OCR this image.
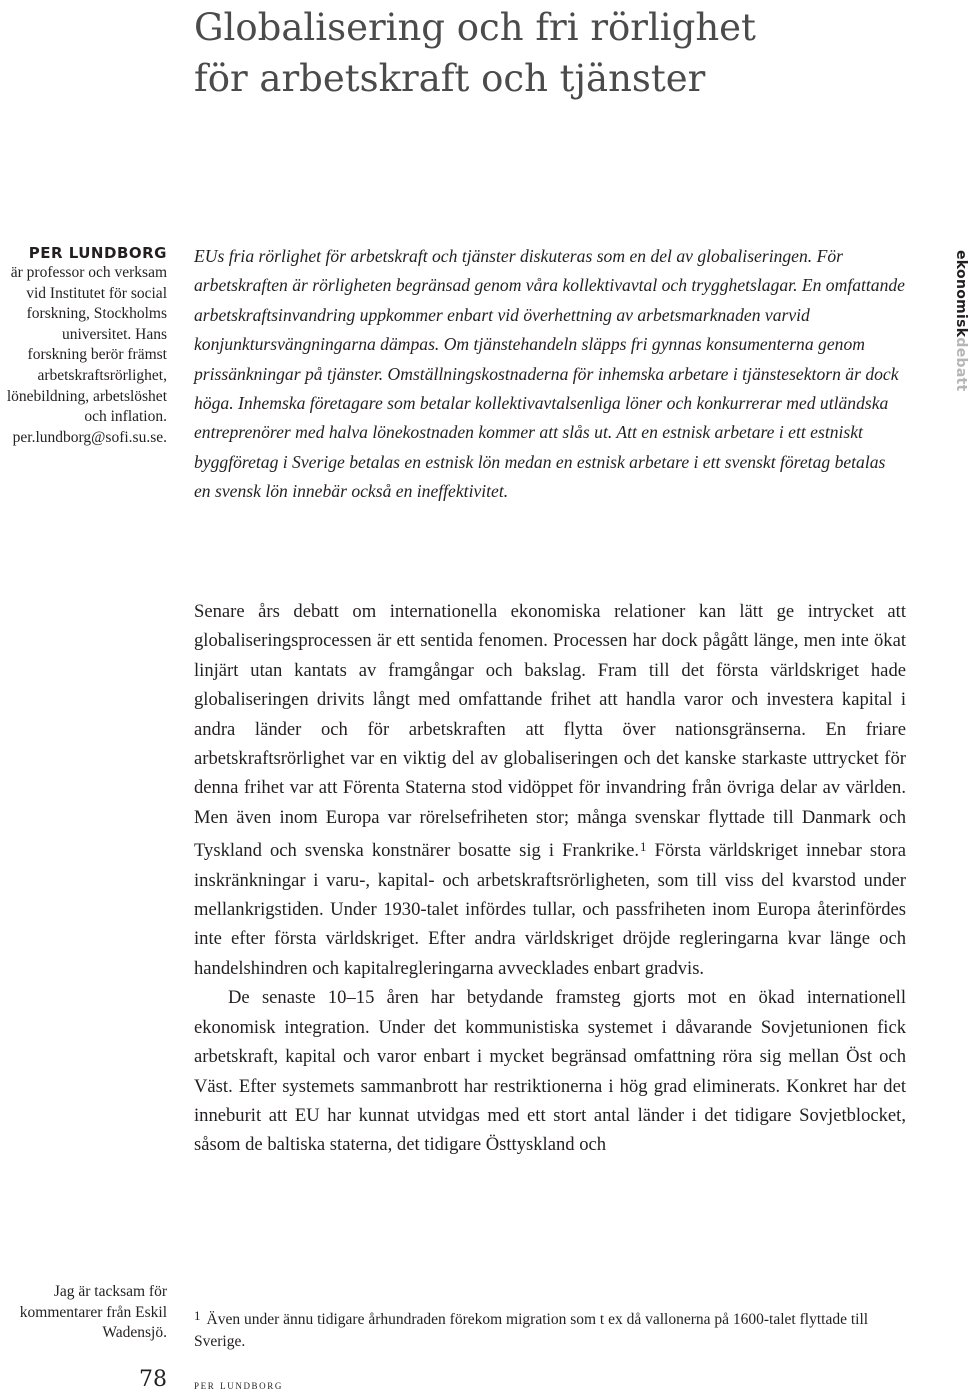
Globalisering och fri rörlighet
för arbetskraft och tjänster
PER LUNDBORG
är professor och verksam vid Institutet för social forskning, Stockholms universitet. Hans forskning berör främst arbetskraftsrörlighet, lönebildning, arbetslöshet och inflation. per.lundborg@sofi.su.se.

EUs fria rörlighet för arbetskraft och tjänster diskuteras som en del av globaliseringen. För arbetskraften är rörligheten begränsad genom våra kollektivavtal och trygghetslagar. En omfattande arbetskraftsinvandring uppkommer enbart vid överhettning av arbetsmarknaden varvid konjunktursvängningarna dämpas. Om tjänstehandeln släpps fri gynnas konsumenterna genom prissänkningar på tjänster. Omställningskostnaderna för inhemska arbetare i tjänstesektorn är dock höga. Inhemska företagare som betalar kollektivavtalsenliga löner och konkurrerar med utländska entreprenörer med halva lönekostnaden kommer att slås ut. Att en estnisk arbetare i ett estniskt byggföretag i Sverige betalas en estnisk lön medan en estnisk arbetare i ett svenskt företag betalas en svensk lön innebär också en ineffektivitet.

ekonomiskdebatt

Senare års debatt om internationella ekonomiska relationer kan lätt ge intrycket att globaliseringsprocessen är ett sentida fenomen. Processen har dock pågått länge, men inte ökat linjärt utan kantats av framgångar och bakslag. Fram till det första världskriget hade globaliseringen drivits långt med omfattande frihet att handla varor och investera kapital i andra länder och för arbetskraften att flytta över nationsgränserna. En friare arbetskraftsrörlighet var en viktig del av globaliseringen och det kanske starkaste uttrycket för denna frihet var att Förenta Staterna stod vidöppet för invandring från övriga delar av världen. Men även inom Europa var rörelsefriheten stor; många svenskar flyttade till Danmark och Tyskland och svenska konstnärer bosatte sig i Frankrike.$^1$ Första världskriget innebar stora inskränkningar i varu-, kapital- och arbetskraftsrörligheten, som till viss del kvarstod under mellankrigstiden. Under 1930-talet infördes tullar, och passfriheten inom Europa återinfördes inte efter första världskriget. Efter andra världskriget dröjde regleringarna kvar länge och handelshindren och kapitalregleringarna avvecklades enbart gradvis.

De senaste 10–15 åren har betydande framsteg gjorts mot en ökad internationell ekonomisk integration. Under det kommunistiska systemet i dåvarande Sovjetunionen fick arbetskraft, kapital och varor enbart i mycket begränsad omfattning röra sig mellan Öst och Väst. Efter systemets sammanbrott har restriktionerna i hög grad eliminerats. Konkret har det inneburit att EU har kunnat utvidgas med ett stort antal länder i det tidigare Sovjetblocket, såsom de baltiska staterna, det tidigare Östtyskland och

$^1$ Även under ännu tidigare århundraden förekom migration som t ex då vallonerna på 1600-talet flyttade till Sverige.
Jag är tacksam för kommentarer från Eskil Wadensjö.
78 per lundborg
